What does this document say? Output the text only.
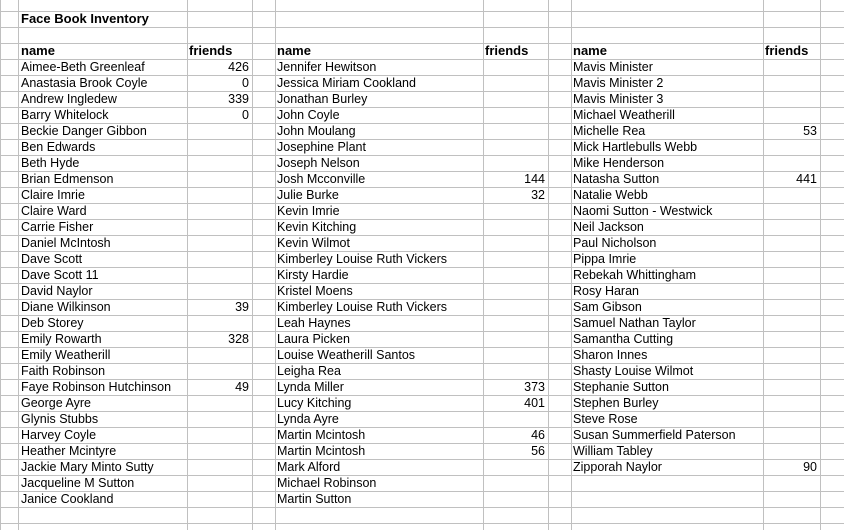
Face Book Inventory
name	friends
Aimee-Beth Greenleaf	426
Anastasia Brook Coyle	0
Andrew Ingledew	339
Barry Whitelock	0
Beckie Danger Gibbon
Ben Edwards
Beth Hyde
Brian Edmenson
Claire Imrie
Claire Ward
Carrie Fisher
Daniel McIntosh
Dave Scott
Dave Scott 11
David Naylor
Diane Wilkinson	39
Deb Storey
Emily Rowarth	328
Emily Weatherill
Faith Robinson
Faye Robinson Hutchinson	49
George Ayre
Glynis Stubbs
Harvey Coyle
Heather Mcintyre
Jackie Mary Minto Sutty
Jacqueline M Sutton
Janice Cookland
name	friends
Jennifer Hewitson
Jessica Miriam Cookland
Jonathan Burley
John Coyle
John Moulang
Josephine Plant
Joseph Nelson
Josh Mcconville	144
Julie Burke	32
Kevin Imrie
Kevin Kitching
Kevin Wilmot
Kimberley Louise Ruth Vickers
Kirsty Hardie
Kristel Moens
Kimberley Louise Ruth Vickers
Leah Haynes
Laura Picken
Louise Weatherill Santos
Leigha Rea
Lynda Miller	373
Lucy Kitching	401
Lynda Ayre
Martin Mcintosh	46
Martin Mcintosh	56
Mark Alford
Michael Robinson
Martin Sutton
name	friends
Mavis Minister
Mavis Minister 2
Mavis Minister 3
Michael Weatherill
Michelle Rea	53
Mick Hartlebulls Webb
Mike Henderson
Natasha Sutton	441
Natalie Webb
Naomi Sutton - Westwick
Neil Jackson
Paul Nicholson
Pippa Imrie
Rebekah Whittingham
Rosy Haran
Sam Gibson
Samuel Nathan Taylor
Samantha Cutting
Sharon Innes
Shasty Louise Wilmot
Stephanie Sutton
Stephen Burley
Steve Rose
Susan Summerfield Paterson
William Tabley
Zipporah Naylor	90
